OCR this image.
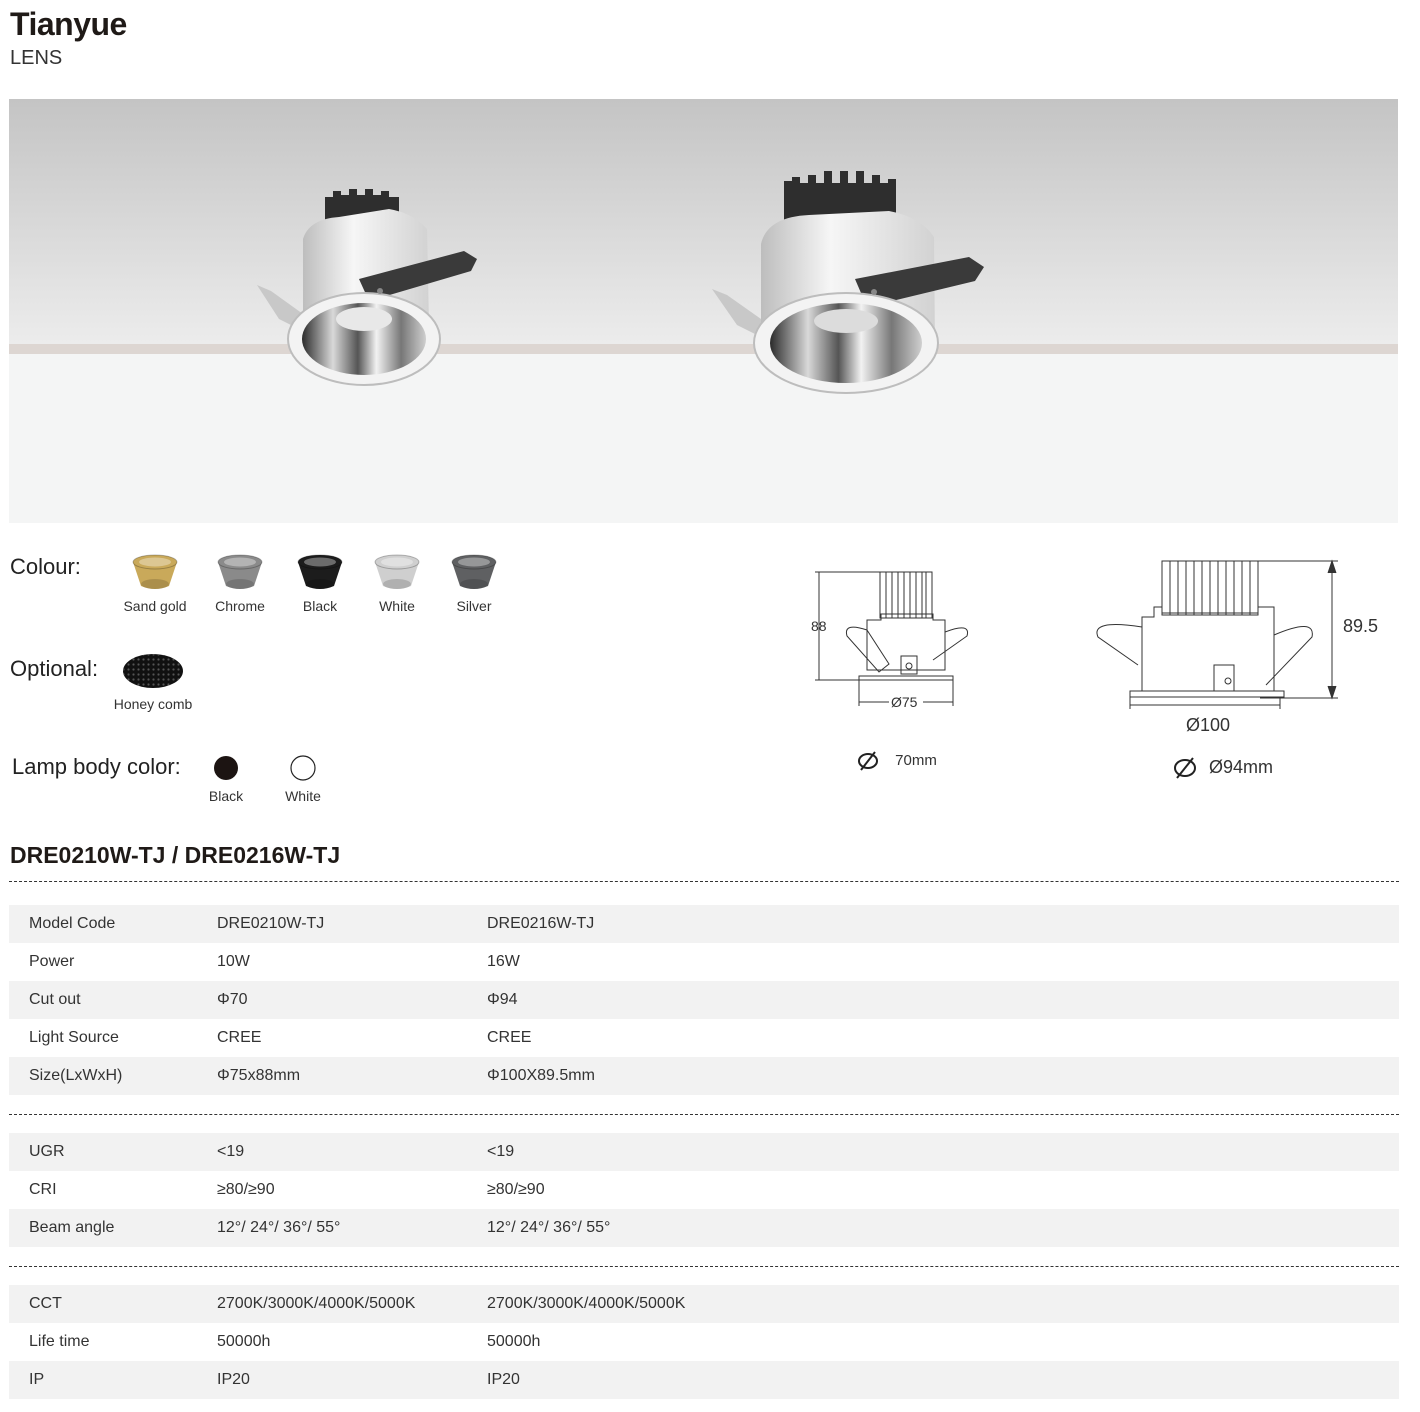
Tianyue
LENS
Colour:
Sand gold	Chrome	Black	White	Silver
Optional:
Honey comb
Lamp body color:
Black	White
88
Ø75
70mm
89.5
Ø100
Ø94mm
DRE0210W-TJ / DRE0216W-TJ
Model Code	DRE0210W-TJ	DRE0216W-TJ
Power	10W	16W
Cut out	Φ70	Φ94
Light Source	CREE	CREE
Size(LxWxH)	Φ75x88mm	Φ100X89.5mm
UGR	<19	<19
CRI	≥80/≥90	≥80/≥90
Beam angle	12°/ 24°/ 36°/ 55°	12°/ 24°/ 36°/ 55°
CCT	2700K/3000K/4000K/5000K	2700K/3000K/4000K/5000K
Life time	50000h	50000h
IP	IP20	IP20
